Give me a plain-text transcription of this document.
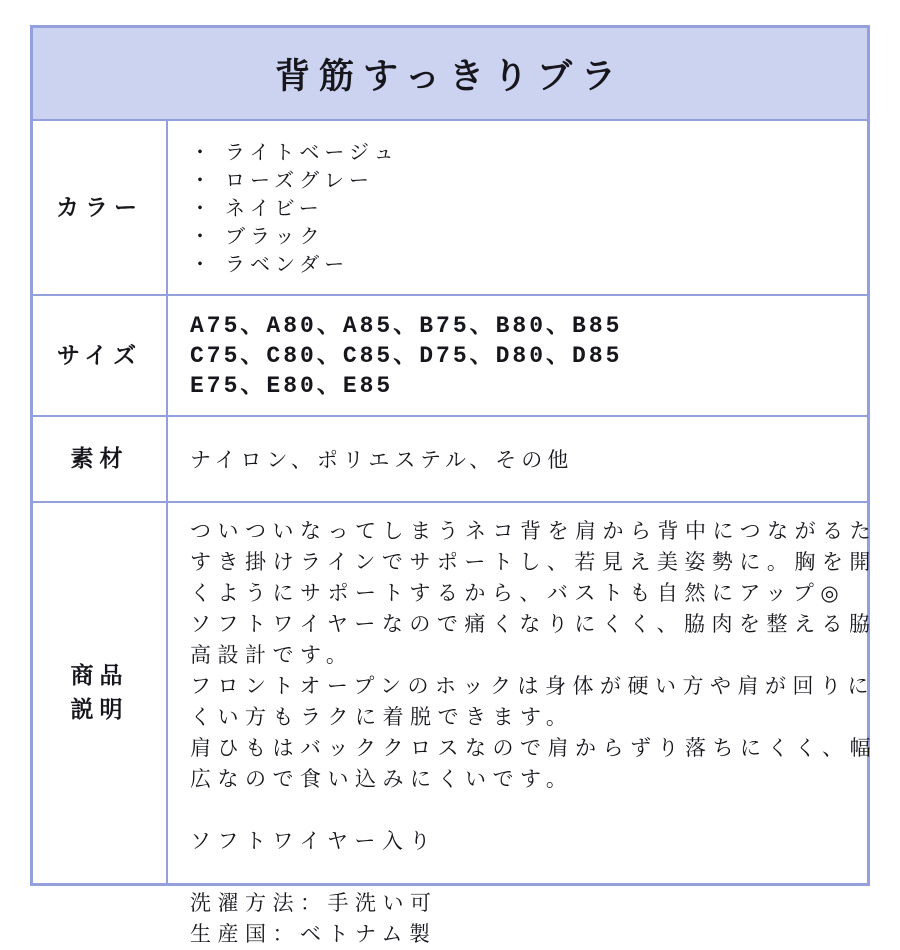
背筋すっきりブラ
カラー
・ ライトベージュ
・ ローズグレー
・ ネイビー
・ ブラック
・ ラベンダー
サイズ
A75、A80、A85、B75、B80、B85
C75、C80、C85、D75、D80、D85
E75、E80、E85
素材	ナイロン、ポリエステル、その他
商品
説明
ついついなってしまうネコ背を肩から背中につながるた
すき掛けラインでサポートし、若見え美姿勢に。胸を開
くようにサポートするから、バストも自然にアップ◎
ソフトワイヤーなので痛くなりにくく、脇肉を整える脇
高設計です。
フロントオープンのホックは身体が硬い方や肩が回りに
くい方もラクに着脱できます。
肩ひもはバッククロスなので肩からずり落ちにくく、幅
広なので食い込みにくいです。

ソフトワイヤー入り

洗濯方法：手洗い可
生産国：ベトナム製
